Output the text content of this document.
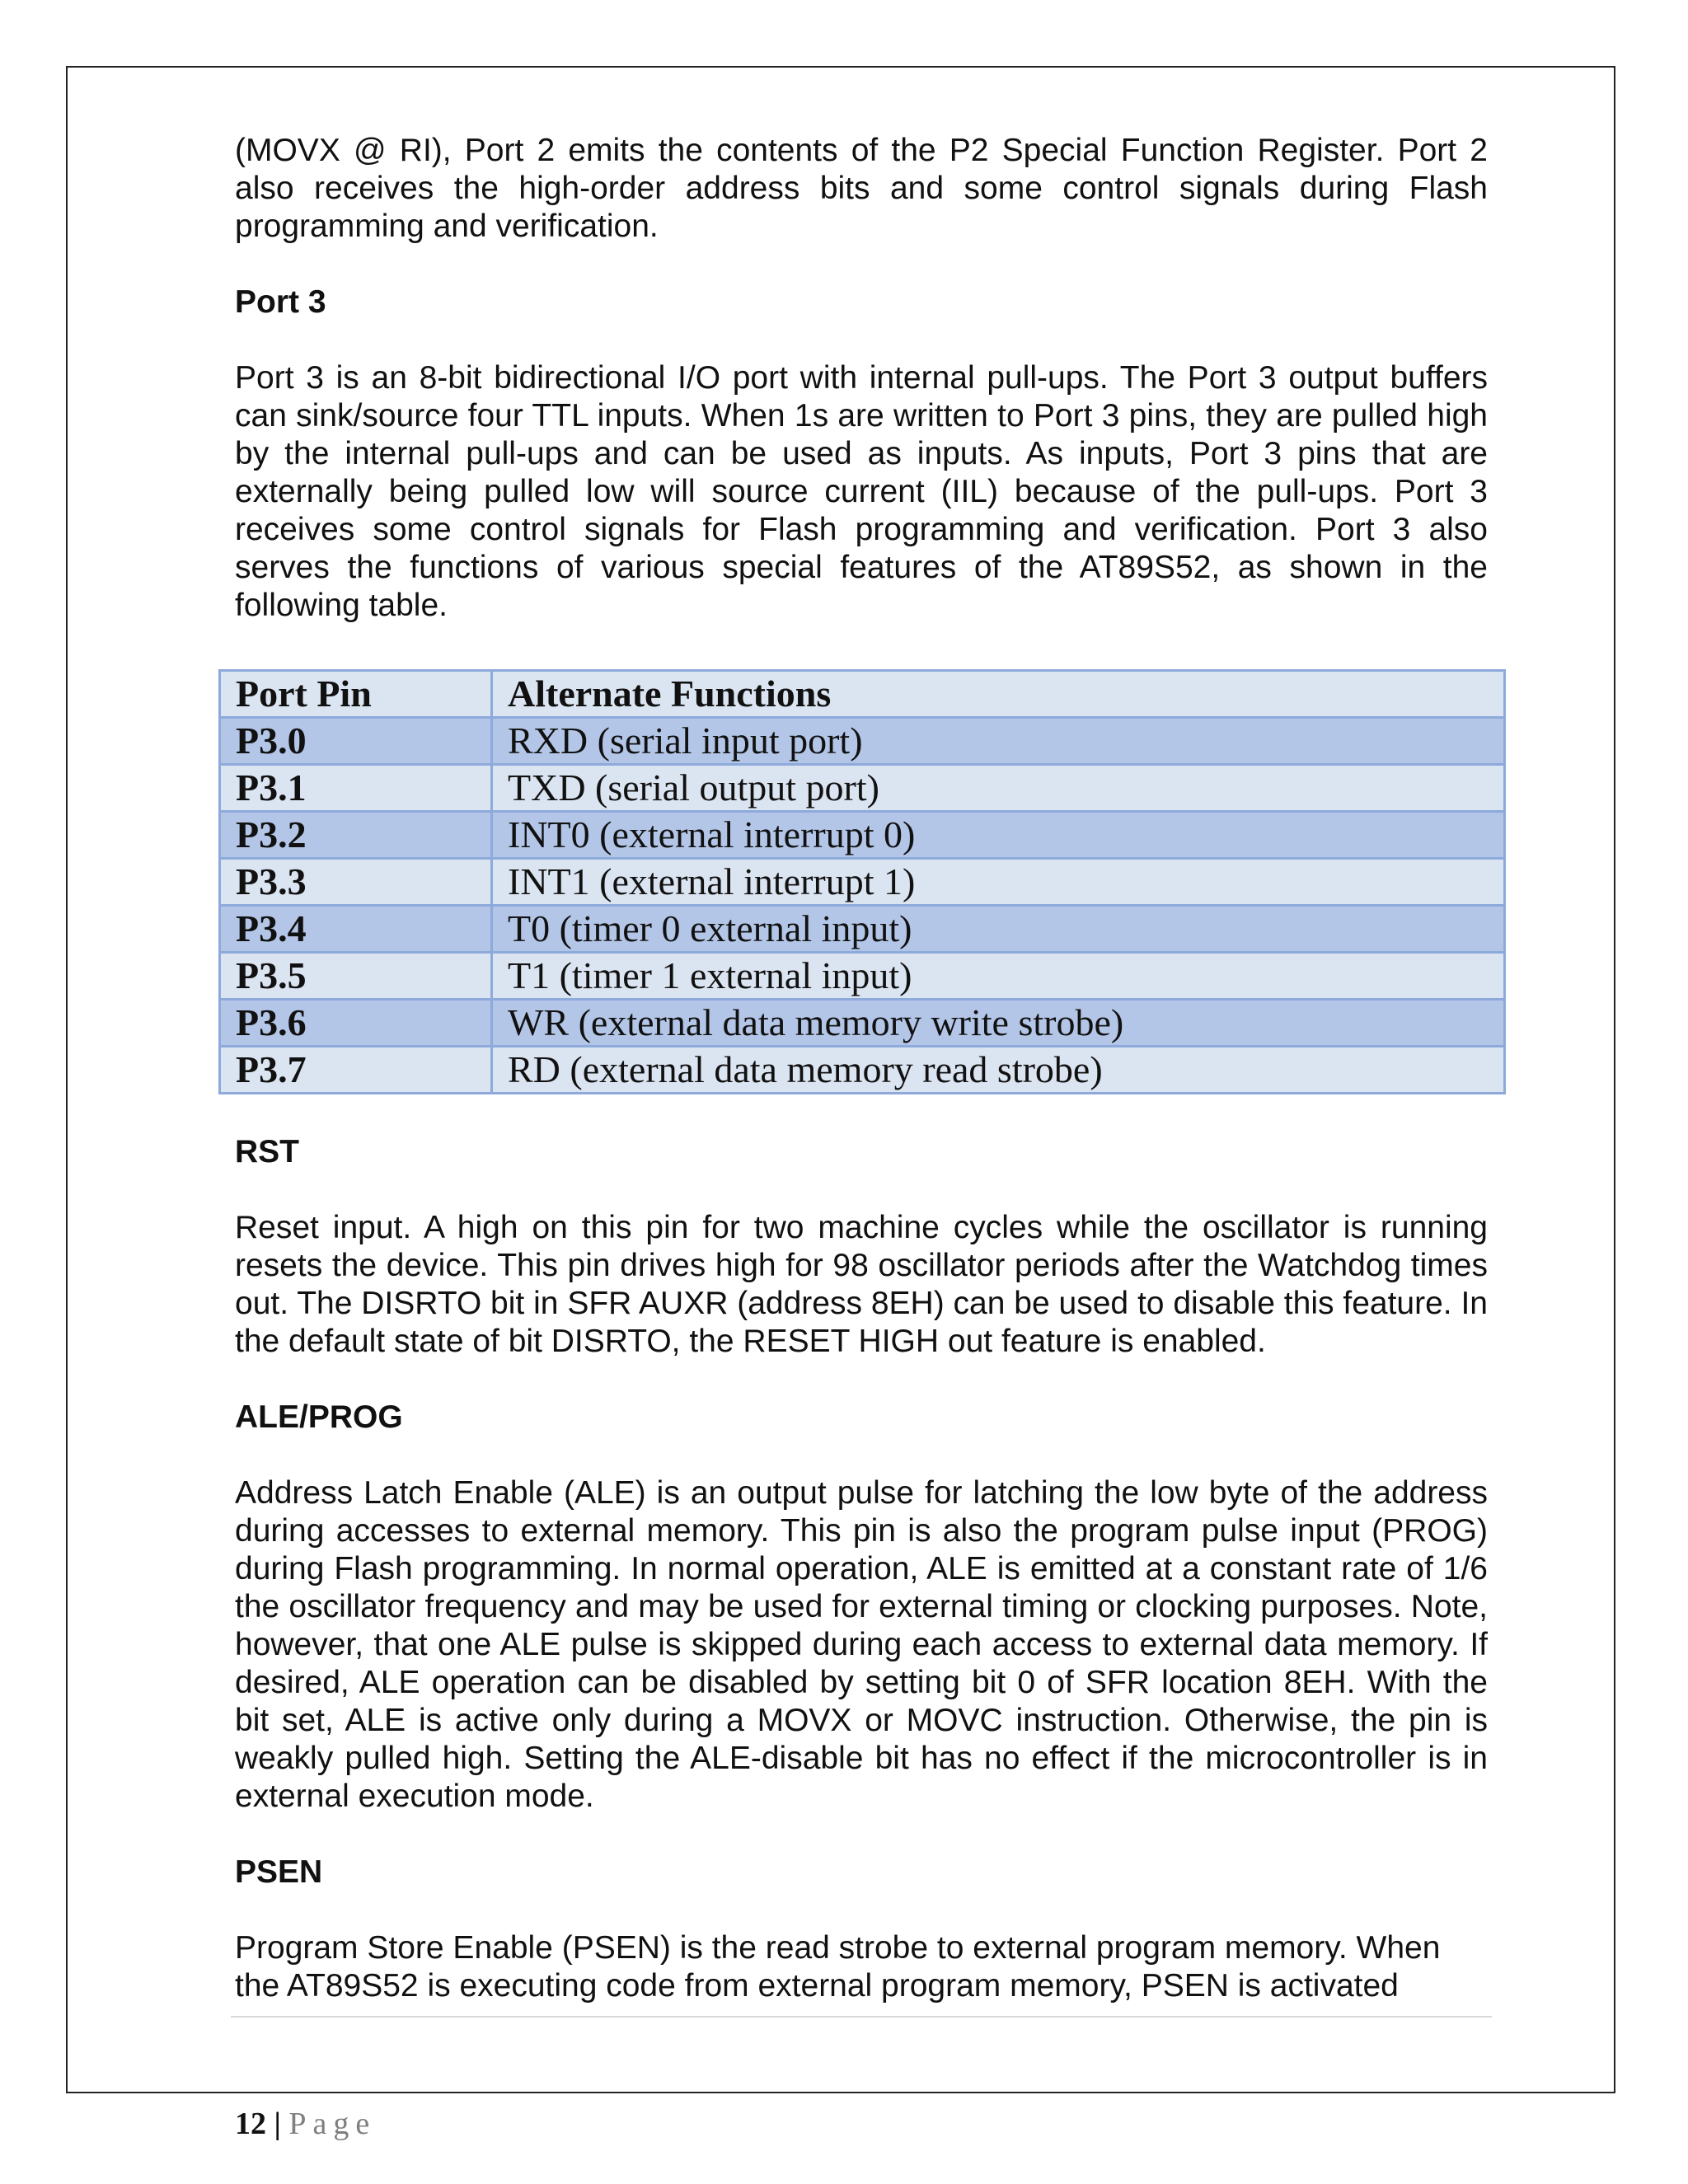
(MOVX @ RI), Port 2 emits the contents of the P2 Special Function Register. Port 2 also receives the high-order address bits and some control signals during Flash programming and verification.

Port 3

Port 3 is an 8-bit bidirectional I/O port with internal pull-ups. The Port 3 output buffers can sink/source four TTL inputs. When 1s are written to Port 3 pins, they are pulled high by the internal pull-ups and can be used as inputs. As inputs, Port 3 pins that are externally being pulled low will source current (IIL) because of the pull-ups. Port 3 receives some control signals for Flash programming and verification. Port 3 also serves the functions of various special features of the AT89S52, as shown in the following table.

Port Pin	Alternate Functions
P3.0	RXD (serial input port)
P3.1	TXD (serial output port)
P3.2	INT0 (external interrupt 0)
P3.3	INT1 (external interrupt 1)
P3.4	T0 (timer 0 external input)
P3.5	T1 (timer 1 external input)
P3.6	WR (external data memory write strobe)
P3.7	RD (external data memory read strobe)

RST

Reset input. A high on this pin for two machine cycles while the oscillator is running resets the device. This pin drives high for 98 oscillator periods after the Watchdog times out. The DISRTO bit in SFR AUXR (address 8EH) can be used to disable this feature. In the default state of bit DISRTO, the RESET HIGH out feature is enabled.

ALE/PROG

Address Latch Enable (ALE) is an output pulse for latching the low byte of the address during accesses to external memory. This pin is also the program pulse input (PROG) during Flash programming. In normal operation, ALE is emitted at a constant rate of 1/6 the oscillator frequency and may be used for external timing or clocking purposes. Note, however, that one ALE pulse is skipped during each access to external data memory. If desired, ALE operation can be disabled by setting bit 0 of SFR location 8EH. With the bit set, ALE is active only during a MOVX or MOVC instruction. Otherwise, the pin is weakly pulled high. Setting the ALE-disable bit has no effect if the microcontroller is in external execution mode.

PSEN

Program Store Enable (PSEN) is the read strobe to external program memory. When the AT89S52 is executing code from external program memory, PSEN is activated

12 | Page
